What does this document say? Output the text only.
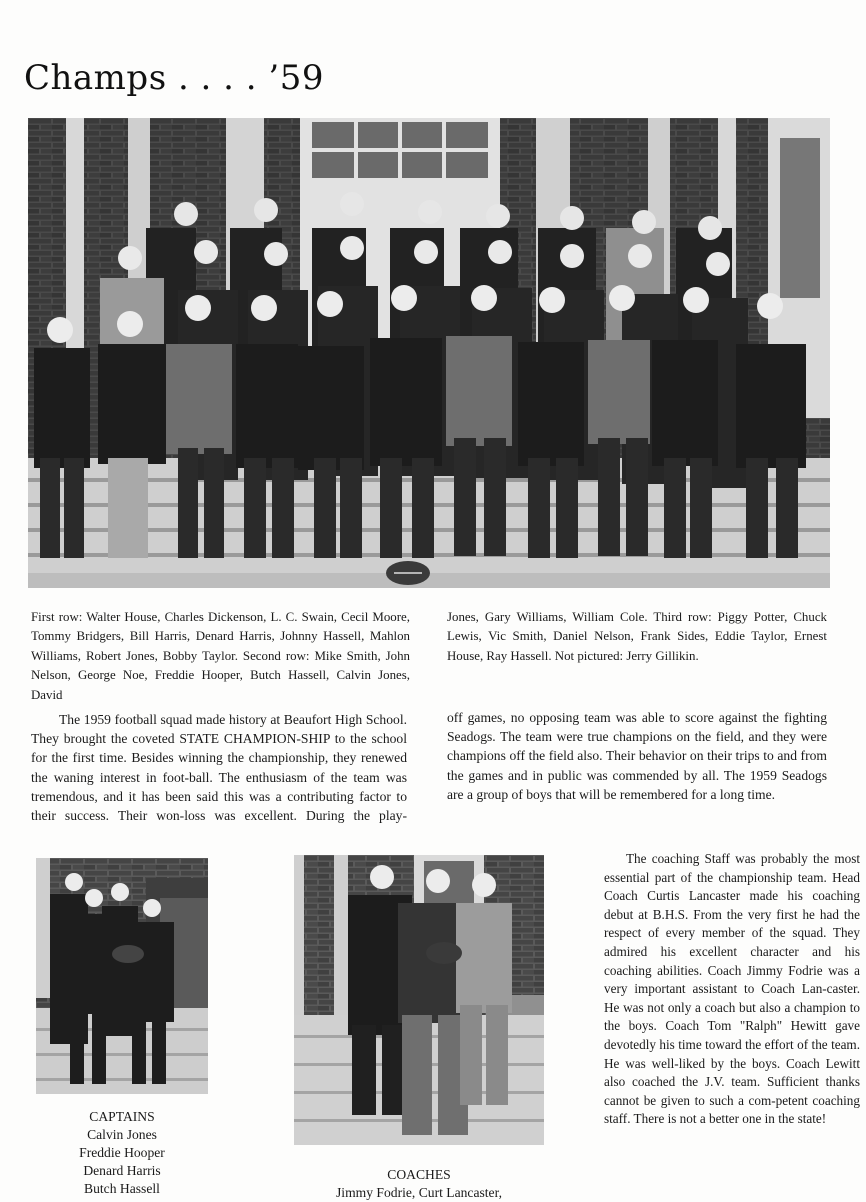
Champs . . . . ’59
First row: Walter House, Charles Dickenson, L. C. Swain, Cecil Moore, Tommy Bridgers, Bill Harris, Denard Harris, Johnny Hassell, Mahlon Williams, Robert Jones, Bobby Taylor. Second row: Mike Smith, John Nelson, George Noe, Freddie Hooper, Butch Hassell, Calvin Jones, David
Jones, Gary Williams, William Cole. Third row: Piggy Potter, Chuck Lewis, Vic Smith, Daniel Nelson, Frank Sides, Eddie Taylor, Ernest House, Ray Hassell. Not pictured: Jerry Gillikin.
The 1959 football squad made history at Beaufort High School. They brought the coveted STATE CHAMPION-SHIP to the school for the first time. Besides winning the championship, they renewed the waning interest in foot-ball. The enthusiasm of the team was tremendous, and it has been said this was a contributing factor to their success. Their won-loss was excellent. During the play-
off games, no opposing team was able to score against the fighting Seadogs. The team were true champions on the field, and they were champions off the field also. Their behavior on their trips to and from the games and in public was commended by all. The 1959 Seadogs are a group of boys that will be remembered for a long time.
CAPTAINS
Calvin Jones
Freddie Hooper
Denard Harris
Butch Hassell
COACHES
Jimmy Fodrie, Curt Lancaster,
The coaching Staff was probably the most essential part of the championship team. Head Coach Curtis Lancaster made his coaching debut at B.H.S. From the very first he had the respect of every member of the squad. They admired his excellent character and his coaching abilities. Coach Jimmy Fodrie was a very important assistant to Coach Lan-caster. He was not only a coach but also a champion to the boys. Coach Tom "Ralph" Hewitt gave devotedly his time toward the effort of the team. He was well-liked by the boys. Coach Lewitt also coached the J.V. team. Sufficient thanks cannot be given to such a com-petent coaching staff. There is not a better one in the state!
